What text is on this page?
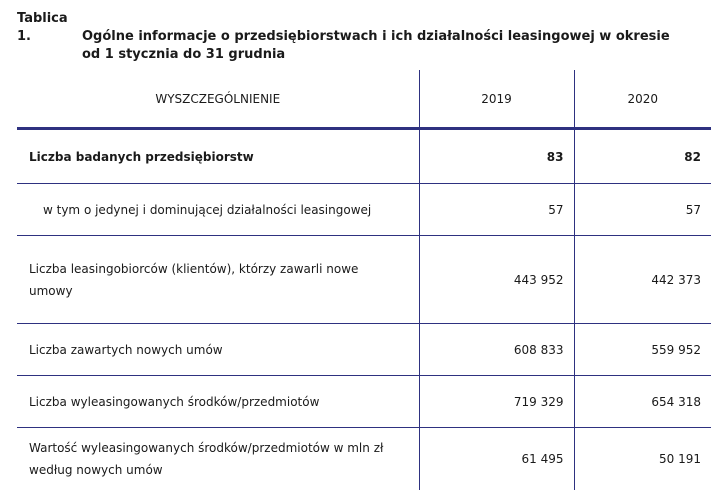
Tablica 1.	Ogólne informacje o przedsiębiorstwach i ich działalności leasingowej w okresie
od 1 stycznia do 31 grudnia
WYSZCZEGÓLNIENIE	2019	2020
Liczba badanych przedsiębiorstw	83	82
w tym o jedynej i dominującej działalności leasingowej	57	57
Liczba leasingobiorców (klientów), którzy zawarli nowe umowy	443 952	442 373
Liczba zawartych nowych umów	608 833	559 952
Liczba wyleasingowanych środków/przedmiotów	719 329	654 318
Wartość wyleasingowanych środków/przedmiotów w mln zł według nowych umów	61 495	50 191
